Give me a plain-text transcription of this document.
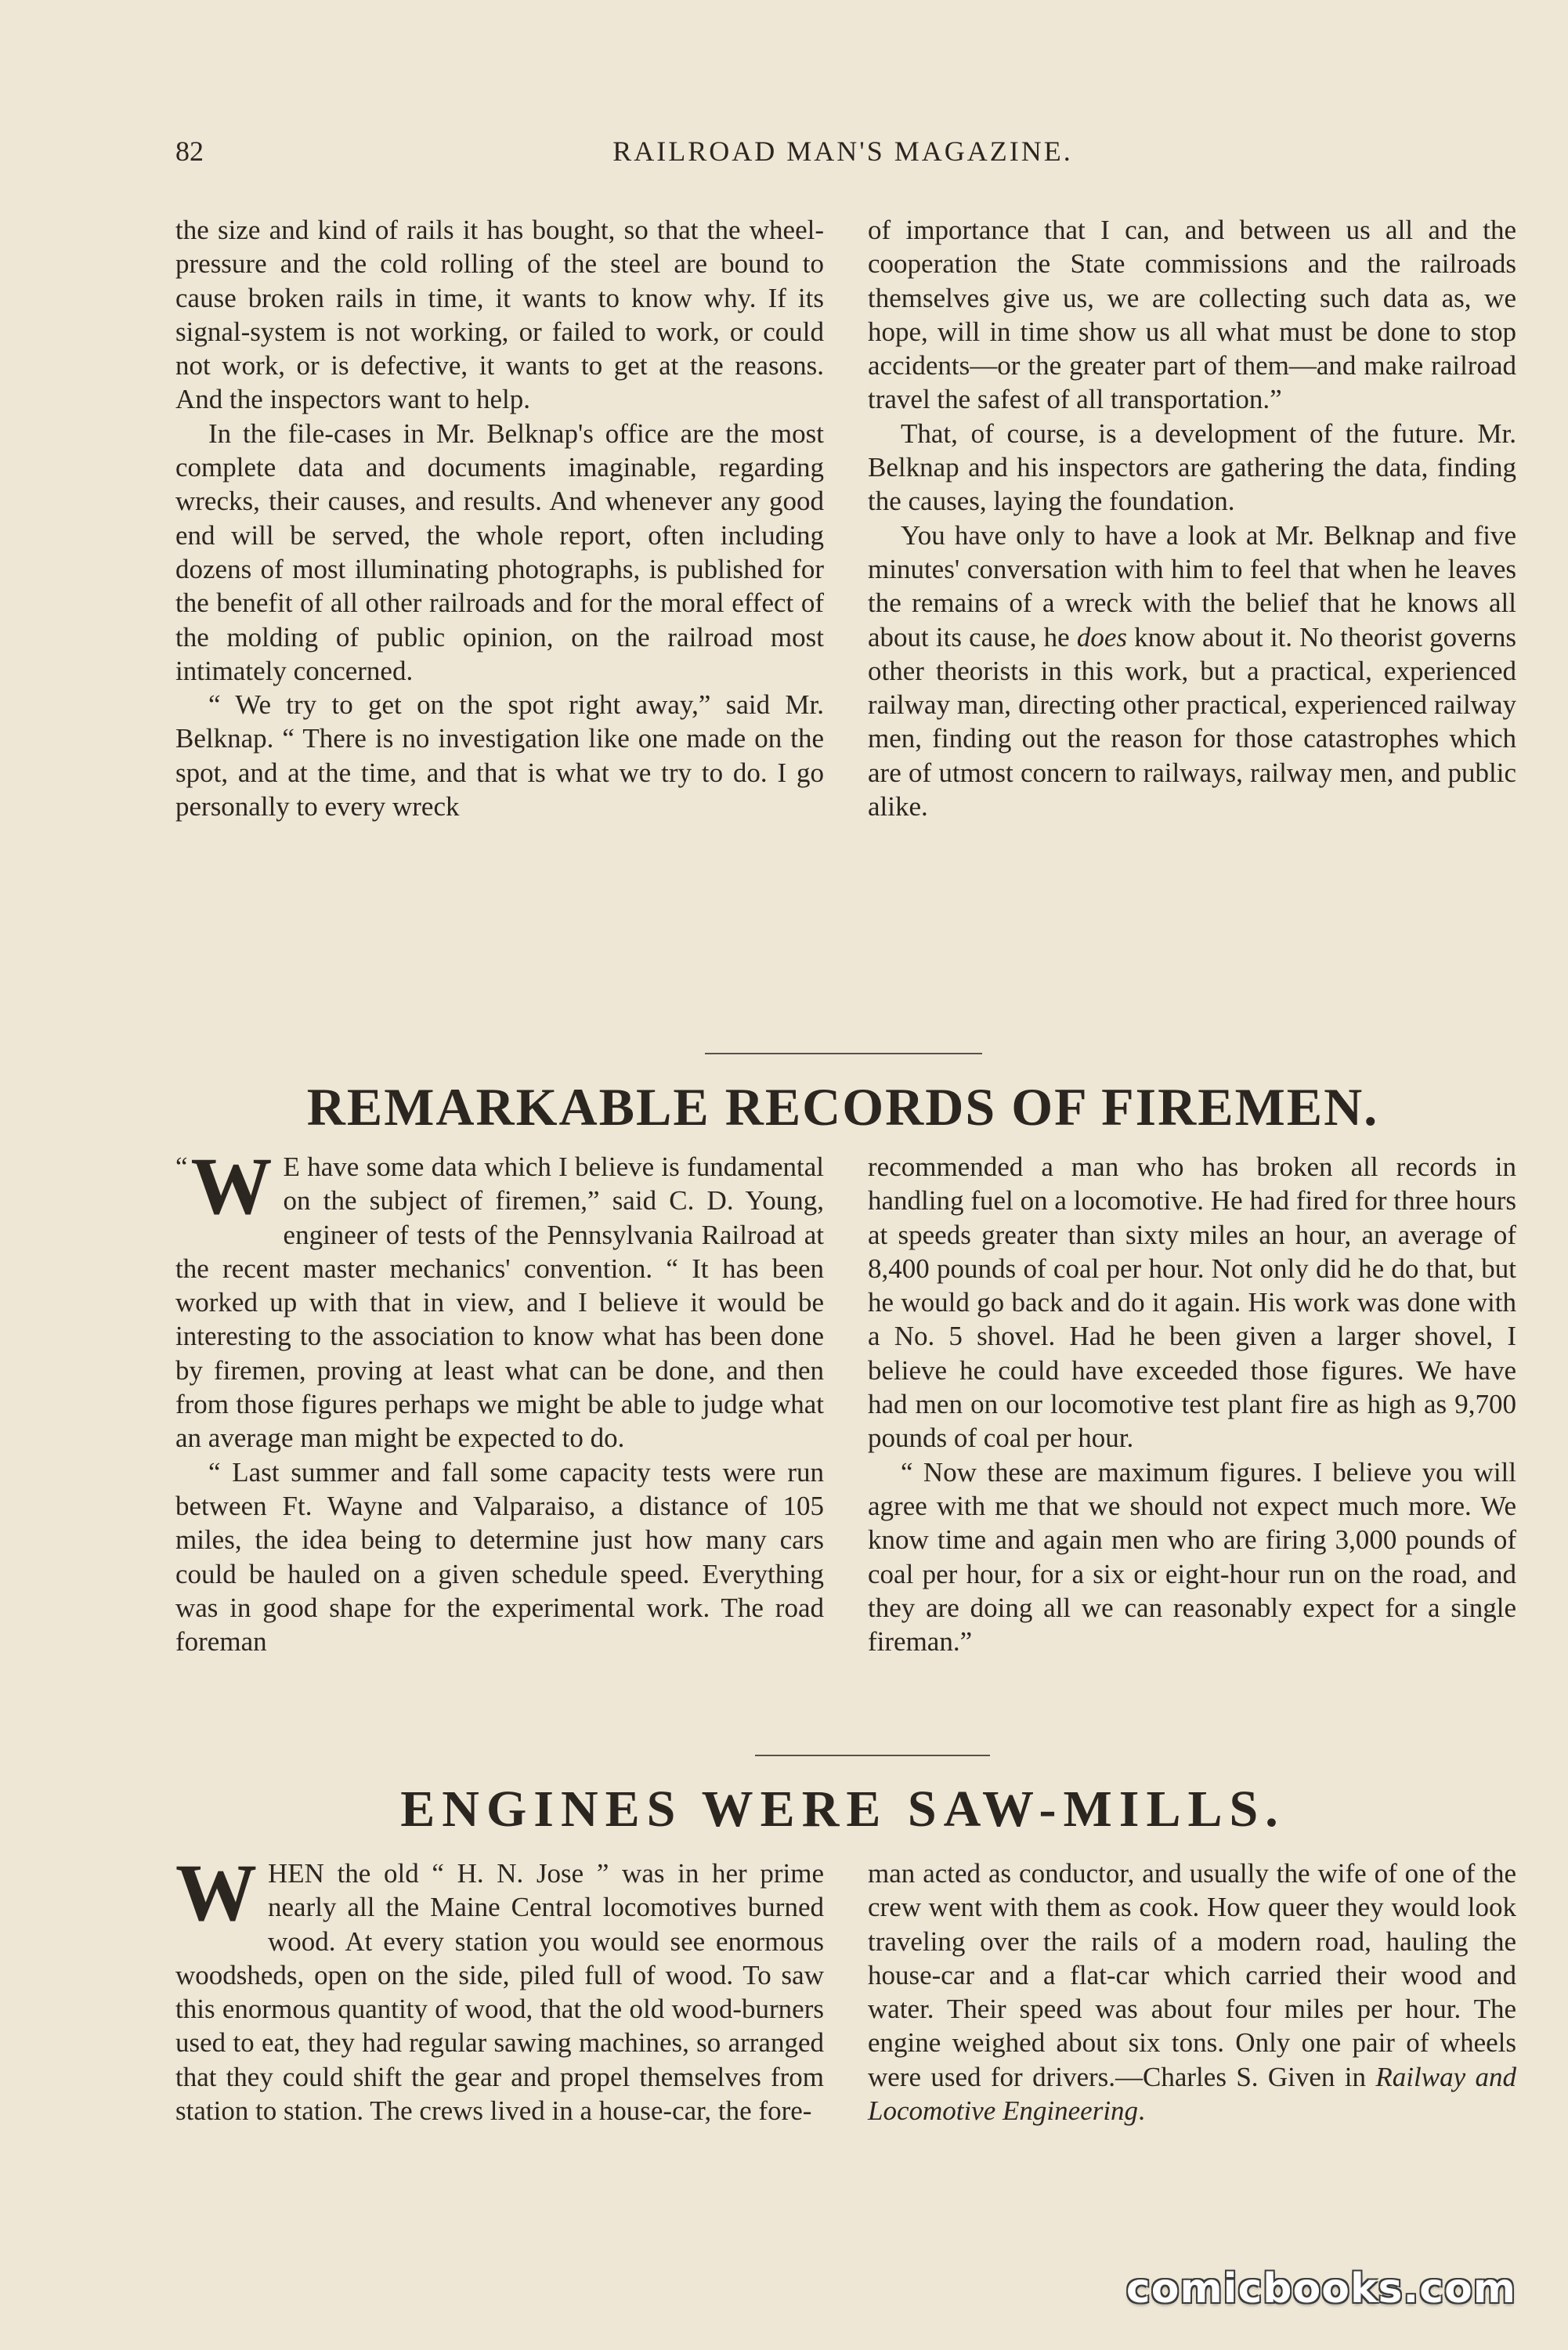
82	RAILROAD MAN'S MAGAZINE.

the size and kind of rails it has bought, so that the wheel-pressure and the cold rolling of the steel are bound to cause broken rails in time, it wants to know why. If its signal-system is not working, or failed to work, or could not work, or is defective, it wants to get at the reasons. And the inspectors want to help.

In the file-cases in Mr. Belknap's office are the most complete data and documents imaginable, regarding wrecks, their causes, and results. And whenever any good end will be served, the whole report, often including dozens of most illuminating photographs, is published for the benefit of all other railroads and for the moral effect of the molding of public opinion, on the railroad most intimately concerned.

“ We try to get on the spot right away,” said Mr. Belknap. “ There is no investigation like one made on the spot, and at the time, and that is what we try to do. I go personally to every wreck

of importance that I can, and between us all and the cooperation the State commissions and the railroads themselves give us, we are collecting such data as, we hope, will in time show us all what must be done to stop accidents—or the greater part of them—and make railroad travel the safest of all transportation.”

That, of course, is a development of the future. Mr. Belknap and his inspectors are gathering the data, finding the causes, laying the foundation.

You have only to have a look at Mr. Belknap and five minutes' conversation with him to feel that when he leaves the remains of a wreck with the belief that he knows all about its cause, he does know about it. No theorist governs other theorists in this work, but a practical, experienced railway man, directing other practical, experienced railway men, finding out the reason for those catastrophes which are of utmost concern to railways, railway men, and public alike.

REMARKABLE RECORDS OF FIREMEN.

“ W E have some data which I believe is fundamental on the subject of firemen,” said C. D. Young, engineer of tests of the Pennsylvania Railroad at the recent master mechanics' convention. “ It has been worked up with that in view, and I believe it would be interesting to the association to know what has been done by firemen, proving at least what can be done, and then from those figures perhaps we might be able to judge what an average man might be expected to do.

“ Last summer and fall some capacity tests were run between Ft. Wayne and Valparaiso, a distance of 105 miles, the idea being to determine just how many cars could be hauled on a given schedule speed. Everything was in good shape for the experimental work. The road foreman

recommended a man who has broken all records in handling fuel on a locomotive. He had fired for three hours at speeds greater than sixty miles an hour, an average of 8,400 pounds of coal per hour. Not only did he do that, but he would go back and do it again. His work was done with a No. 5 shovel. Had he been given a larger shovel, I believe he could have exceeded those figures. We have had men on our locomotive test plant fire as high as 9,700 pounds of coal per hour.

“ Now these are maximum figures. I believe you will agree with me that we should not expect much more. We know time and again men who are firing 3,000 pounds of coal per hour, for a six or eight-hour run on the road, and they are doing all we can reasonably expect for a single fireman.”

ENGINES WERE SAW-MILLS.

WHEN the old “ H. N. Jose ” was in her prime nearly all the Maine Central locomotives burned wood. At every station you would see enormous woodsheds, open on the side, piled full of wood. To saw this enormous quantity of wood, that the old wood-burners used to eat, they had regular sawing machines, so arranged that they could shift the gear and propel themselves from station to station. The crews lived in a house-car, the fore-

man acted as conductor, and usually the wife of one of the crew went with them as cook. How queer they would look traveling over the rails of a modern road, hauling the house-car and a flat-car which carried their wood and water. Their speed was about four miles per hour. The engine weighed about six tons. Only one pair of wheels were used for drivers.—Charles S. Given in Railway and Locomotive Engineering.

comicbooks.com
